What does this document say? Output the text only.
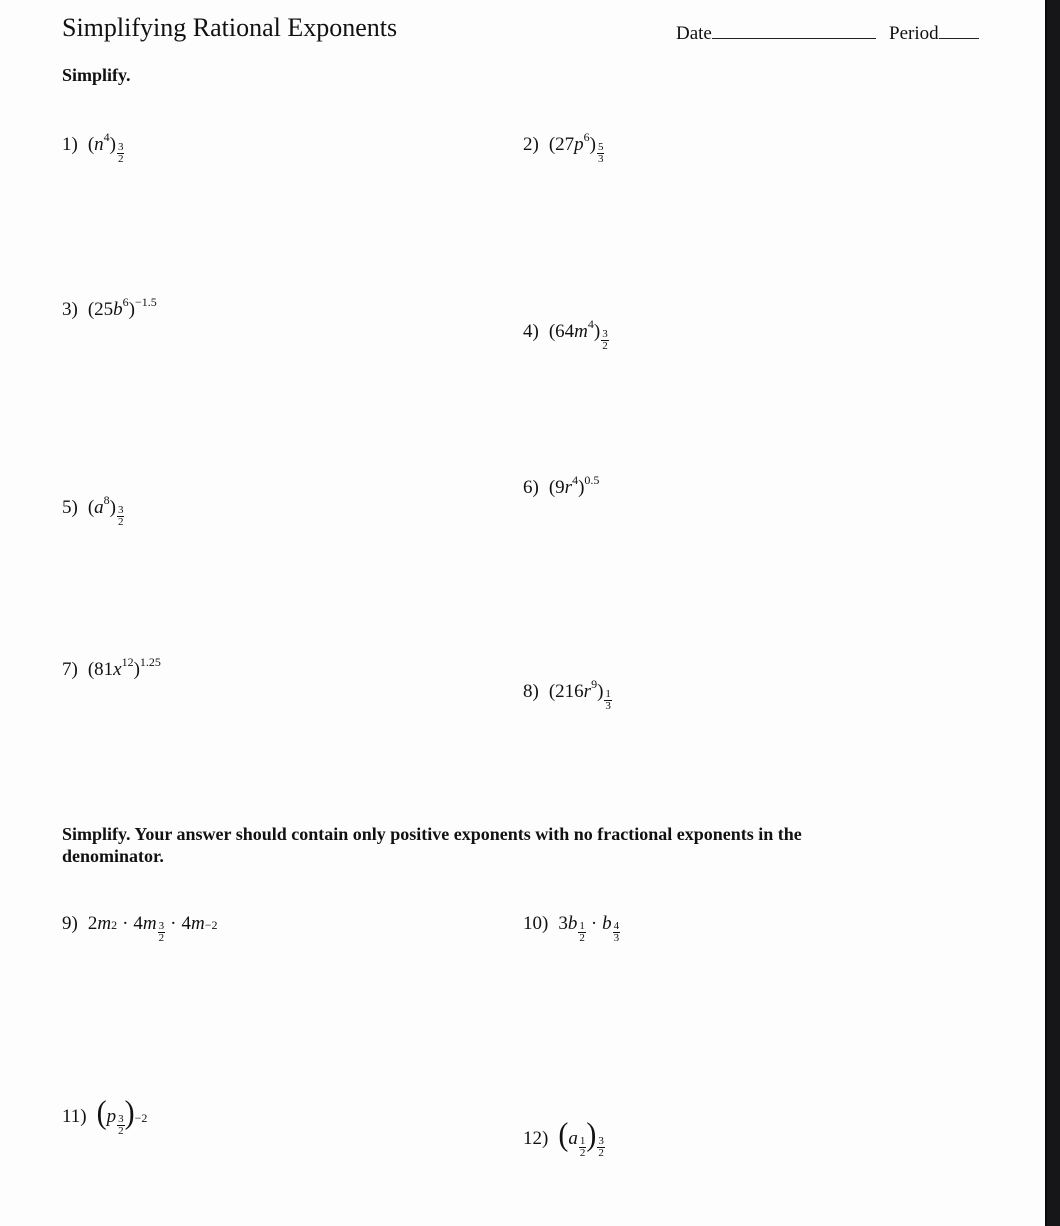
Simplifying Rational Exponents	Date	Period
Simplify.
1) $(n^4) \frac{3}{2}$	2) $(27p^6) \frac{5}{3}$
3) $(25b^6)^{-1.5}$
4) $(64m^4) \frac{3}{2}$
5) $(a^8) \frac{3}{2}$
6) $(9r^4)^{0.5}$
7) $(81x^{12})^{1.25}$
8) $(216r^9) \frac{1}{3}$
Simplify. Your answer should contain only positive exponents with no fractional exponents in the
denominator.
9) 2 m 2 · 4 m $\frac{3}{2} \cdot 4$ m −2	10) 3 b $\frac{1}{2} \cdot b \frac{4}{3}$
11) ( p $\frac{3}{2}$ ) −2
12) ( a $\frac{1}{2}$ ) $\frac{3}{2}$
